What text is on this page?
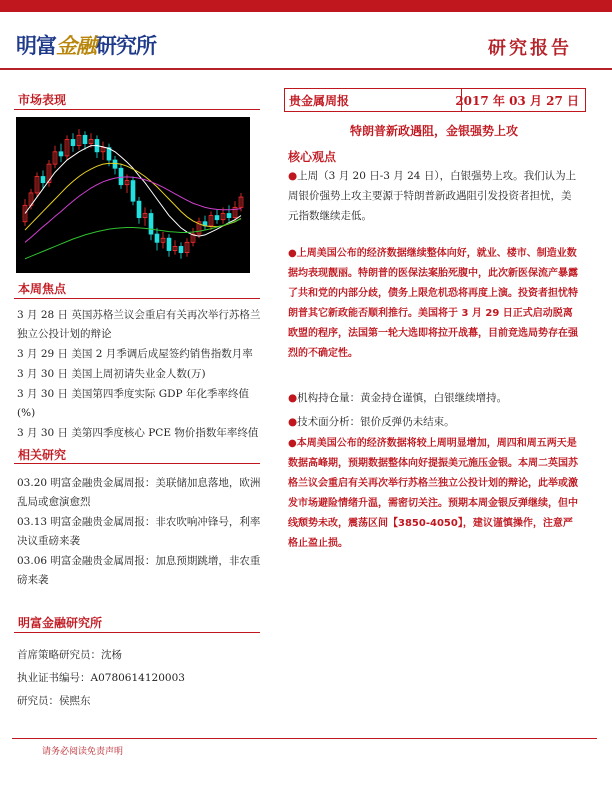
明富金融研究所	研究报告
市场表现
本周焦点
3 月 28 日 英国苏格兰议会重启有关再次举行苏格兰独立公投计划的辩论
3 月 29 日 美国 2 月季调后成屋签约销售指数月率
3 月 30 日 美国上周初请失业金人数(万)
3 月 30 日 美国第四季度实际 GDP 年化季率终值(%)
3 月 30 日 美第四季度核心 PCE 物价指数年率终值
相关研究
03.20 明富金融贵金属周报：美联储加息落地，欧洲乱局或愈演愈烈
03.13 明富金融贵金属周报：非农吹响冲锋号，利率决议重磅来袭
03.06 明富金融贵金属周报：加息预期跳增，非农重磅来袭
明富金融研究所
首席策略研究员：沈杨
执业证书编号：A0780614120003
研究员：侯熙东
贵金属周报	2017 年 03 月 27 日
特朗普新政遇阻，金银强势上攻
核心观点
●上周（3 月 20 日-3 月 24 日），白银强势上攻。我们认为上周银价强势上攻主要源于特朗普新政遇阻引发投资者担忧，美元指数继续走低。
●上周美国公布的经济数据继续整体向好，就业、楼市、制造业数据均表现靓丽。特朗普的医保法案胎死腹中，此次新医保流产暴露了共和党的内部分歧，债务上限危机恐将再度上演。投资者担忧特朗普其它新政能否顺利推行。美国将于 3 月 29 日正式启动脱离欧盟的程序，法国第一轮大选即将拉开战幕，目前竞选局势存在强烈的不确定性。
●机构持仓量：黄金持仓谨慎，白银继续增持。
●技术面分析：银价反弹仍未结束。
●本周美国公布的经济数据将较上周明显增加，周四和周五两天是数据高峰期，预期数据整体向好提振美元施压金银。本周二英国苏格兰议会重启有关再次举行苏格兰独立公投计划的辩论，此举或激发市场避险情绪升温，需密切关注。预期本周金银反弹继续，但中线颓势未改，震荡区间【3850-4050】，建议谨慎操作，注意严格止盈止损。
请务必阅读免责声明
